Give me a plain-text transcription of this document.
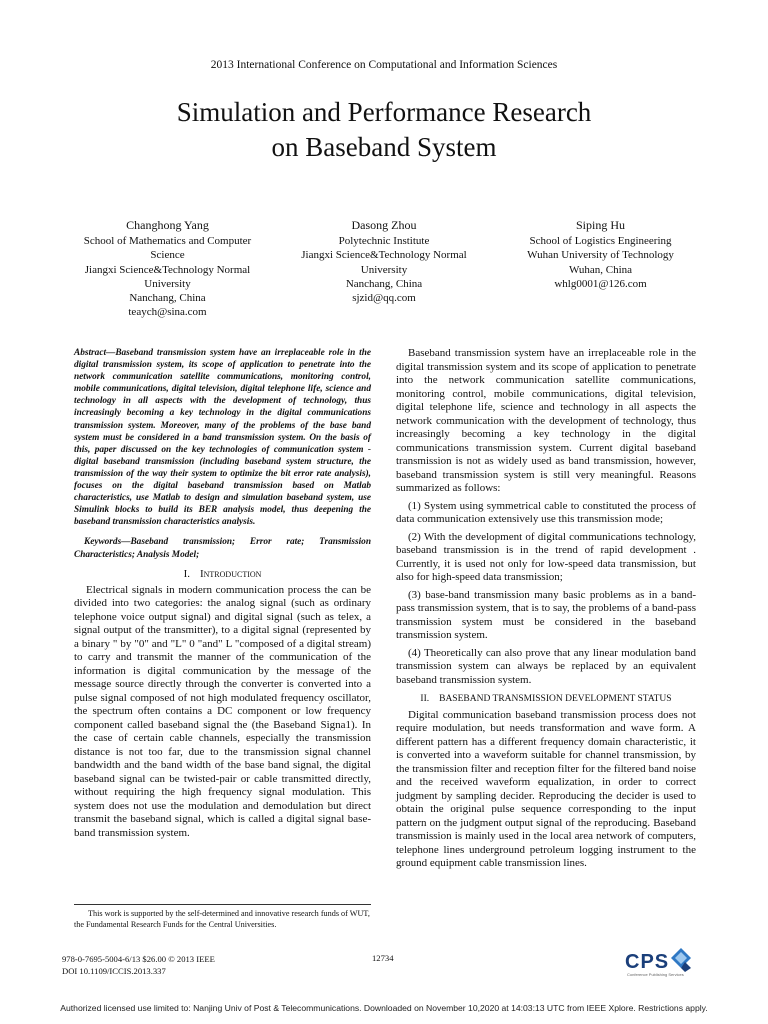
2013 International Conference on Computational and Information Sciences
Simulation and Performance Research
on Baseband System
Changhong Yang
School of Mathematics and Computer
Science
Jiangxi Science&Technology Normal
University
Nanchang, China
teaych@sina.com
Dasong Zhou
Polytechnic Institute
Jiangxi Science&Technology Normal
University
Nanchang, China
sjzid@qq.com
Siping Hu
School of Logistics Engineering
Wuhan University of Technology
Wuhan, China
whlg0001@126.com
Abstract—Baseband transmission system have an irreplaceable role in the digital transmission system, its scope of application to penetrate into the network communication satellite communications, monitoring control, mobile communications, digital television, digital telephone life, science and technology in all aspects with the development of technology, thus increasingly becoming a key technology in the digital communications transmission system. Moreover, many of the problems of the base band system must be considered in a band transmission system. On the basis of this, paper discussed on the key technologies of communication system - digital baseband transmission (including baseband system structure, the transmission of the way their system to optimize the bit error rate analysis), focuses on the digital baseband transmission based on Matlab characteristics, use Matlab to design and simulation baseband system, use Simulink blocks to build its BER analysis model, thus deepening the baseband transmission characteristics analysis.
Keywords—Baseband transmission; Error rate; Transmission Characteristics; Analysis Model;
I. Introduction

Electrical signals in modern communication process the can be divided into two categories: the analog signal (such as ordinary telephone voice output signal) and digital signal (such as telex, a signal output of the transmitter), to a digital signal (represented by a binary " by "0" and "L" 0 "and" L "composed of a digital stream) to carry and transmit the manner of the communication of the information is digital communication by the message of the message source directly through the converter is converted into a pulse signal composed of not high modulated frequency oscillator, the spectrum often contains a DC component or low frequency component called baseband signal the (the Baseband Signa1). In the case of certain cable channels, especially the transmission distance is not too far, due to the transmission signal channel bandwidth and the band width of the base band signal, the digital baseband signal can be twisted-pair or cable transmitted directly, without requiring the high frequency signal modulation. This system does not use the modulation and demodulation but direct transmit the baseband signal, which is called a digital signal base-band transmission system.

This work is supported by the self-determined and innovative research funds of WUT, the Fundamental Research Funds for the Central Universities.

Baseband transmission system have an irreplaceable role in the digital transmission system and its scope of application to penetrate into the network communication satellite communications, monitoring control, mobile communications, digital television, digital telephone life, science and technology in all aspects the network communication with the development of technology, thus increasingly becoming a key technology in the digital communications transmission system. Current digital baseband transmission is not as widely used as band transmission, however, baseband transmission system is still very meaningful. Reasons summarized as follows:

(1) System using symmetrical cable to constituted the process of data communication extensively use this transmission mode;

(2) With the development of digital communications technology, baseband transmission is in the trend of rapid development . Currently, it is used not only for low-speed data transmission, but also for high-speed data transmission;

(3) base-band transmission many basic problems as in a band-pass transmission system, that is to say, the problems of a band-pass transmission system must be considered in the baseband transmission system.

(4) Theoretically can also prove that any linear modulation band transmission system can always be replaced by an equivalent baseband transmission system.

II. BASEBAND TRANSMISSION DEVELOPMENT STATUS

Digital communication baseband transmission process does not require modulation, but needs transformation and wave form. A different pattern has a different frequency domain characteristic, it is converted into a waveform suitable for channel transmission, by the transmission filter and reception filter for the filtered band noise and the received waveform equalization, in order to correct judgment by sampling decider. Reproducing the decider is used to obtain the original pulse sequence corresponding to the input pattern on the judgment output signal of the reproducing. Baseband transmission is mainly used in the local area network of computers, telephone lines underground petroleum logging instrument to the ground equipment cable transmission lines.

978-0-7695-5004-6/13 $26.00 © 2013 IEEE
DOI 10.1109/ICCIS.2013.337
12734	CPS
Conference Publishing Services
Authorized licensed use limited to: Nanjing Univ of Post & Telecommunications. Downloaded on November 10,2020 at 14:03:13 UTC from IEEE Xplore. Restrictions apply.
